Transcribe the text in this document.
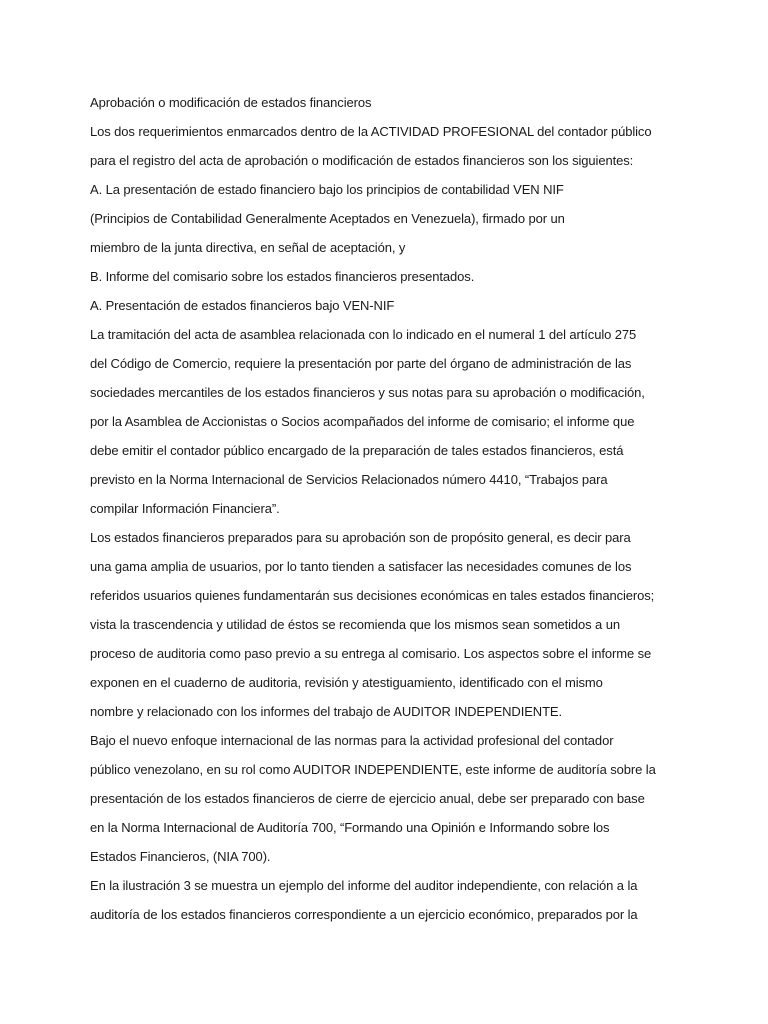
Aprobación o modificación de estados financieros
Los dos requerimientos enmarcados dentro de la ACTIVIDAD PROFESIONAL del contador público
para el registro del acta de aprobación o modificación de estados financieros son los siguientes:
A. La presentación de estado financiero bajo los principios de contabilidad VEN NIF
(Principios de Contabilidad Generalmente Aceptados en Venezuela), firmado por un
miembro de la junta directiva, en señal de aceptación, y
B. Informe del comisario sobre los estados financieros presentados.
A. Presentación de estados financieros bajo VEN-NIF
La tramitación del acta de asamblea relacionada con lo indicado en el numeral 1 del artículo 275
del Código de Comercio, requiere la presentación por parte del órgano de administración de las
sociedades mercantiles de los estados financieros y sus notas para su aprobación o modificación,
por la Asamblea de Accionistas o Socios acompañados del informe de comisario; el informe que
debe emitir el contador público encargado de la preparación de tales estados financieros, está
previsto en la Norma Internacional de Servicios Relacionados número 4410, “Trabajos para
compilar Información Financiera”.
Los estados financieros preparados para su aprobación son de propósito general, es decir para
una gama amplia de usuarios, por lo tanto tienden a satisfacer las necesidades comunes de los
referidos usuarios quienes fundamentarán sus decisiones económicas en tales estados financieros;
vista la trascendencia y utilidad de éstos se recomienda que los mismos sean sometidos a un
proceso de auditoria como paso previo a su entrega al comisario. Los aspectos sobre el informe se
exponen en el cuaderno de auditoria, revisión y atestiguamiento, identificado con el mismo
nombre y relacionado con los informes del trabajo de AUDITOR INDEPENDIENTE.
Bajo el nuevo enfoque internacional de las normas para la actividad profesional del contador
público venezolano, en su rol como AUDITOR INDEPENDIENTE, este informe de auditoría sobre la
presentación de los estados financieros de cierre de ejercicio anual, debe ser preparado con base
en la Norma Internacional de Auditoría 700, “Formando una Opinión e Informando sobre los
Estados Financieros, (NIA 700).
En la ilustración 3 se muestra un ejemplo del informe del auditor independiente, con relación a la
auditoría de los estados financieros correspondiente a un ejercicio económico, preparados por la
